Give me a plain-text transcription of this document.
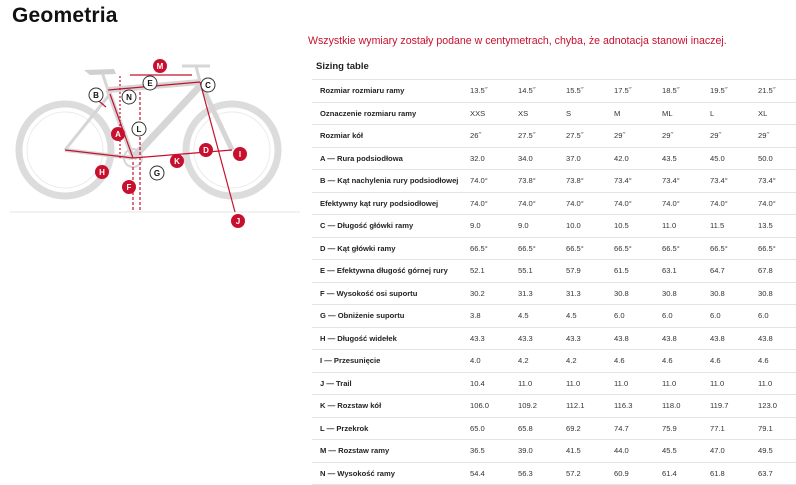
Geometria
Wszystkie wymiary zostały podane w centymetrach, chyba, że adnotacja stanowi inaczej.
M
E	C
B	N
A
L
D	I
K
H	G
F
J
Sizing table
Rozmiar rozmiaru ramy	13.5˝	14.5˝	15.5˝	17.5˝	18.5˝	19.5˝	21.5˝
Oznaczenie rozmiaru ramy	XXS	XS	S	M	ML	L	XL
Rozmiar kół	26˝	27.5˝	27.5˝	29˝	29˝	29˝	29˝
A — Rura podsiodłowa	32.0	34.0	37.0	42.0	43.5	45.0	50.0
B — Kąt nachylenia rury podsiodłowej	74.0°	73.8°	73.8°	73.4°	73.4°	73.4°	73.4°
Efektywny kąt rury podsiodłowej	74.0°	74.0°	74.0°	74.0°	74.0°	74.0°	74.0°
C — Długość główki ramy	9.0	9.0	10.0	10.5	11.0	11.5	13.5
D — Kąt główki ramy	66.5°	66.5°	66.5°	66.5°	66.5°	66.5°	66.5°
E — Efektywna długość górnej rury	52.1	55.1	57.9	61.5	63.1	64.7	67.8
F — Wysokość osi suportu	30.2	31.3	31.3	30.8	30.8	30.8	30.8
G — Obniżenie suportu	3.8	4.5	4.5	6.0	6.0	6.0	6.0
H — Długość widełek	43.3	43.3	43.3	43.8	43.8	43.8	43.8
I — Przesunięcie	4.0	4.2	4.2	4.6	4.6	4.6	4.6
J — Trail	10.4	11.0	11.0	11.0	11.0	11.0	11.0
K — Rozstaw kół	106.0	109.2	112.1	116.3	118.0	119.7	123.0
L — Przekrok	65.0	65.8	69.2	74.7	75.9	77.1	79.1
M — Rozstaw ramy	36.5	39.0	41.5	44.0	45.5	47.0	49.5
N — Wysokość ramy	54.4	56.3	57.2	60.9	61.4	61.8	63.7
